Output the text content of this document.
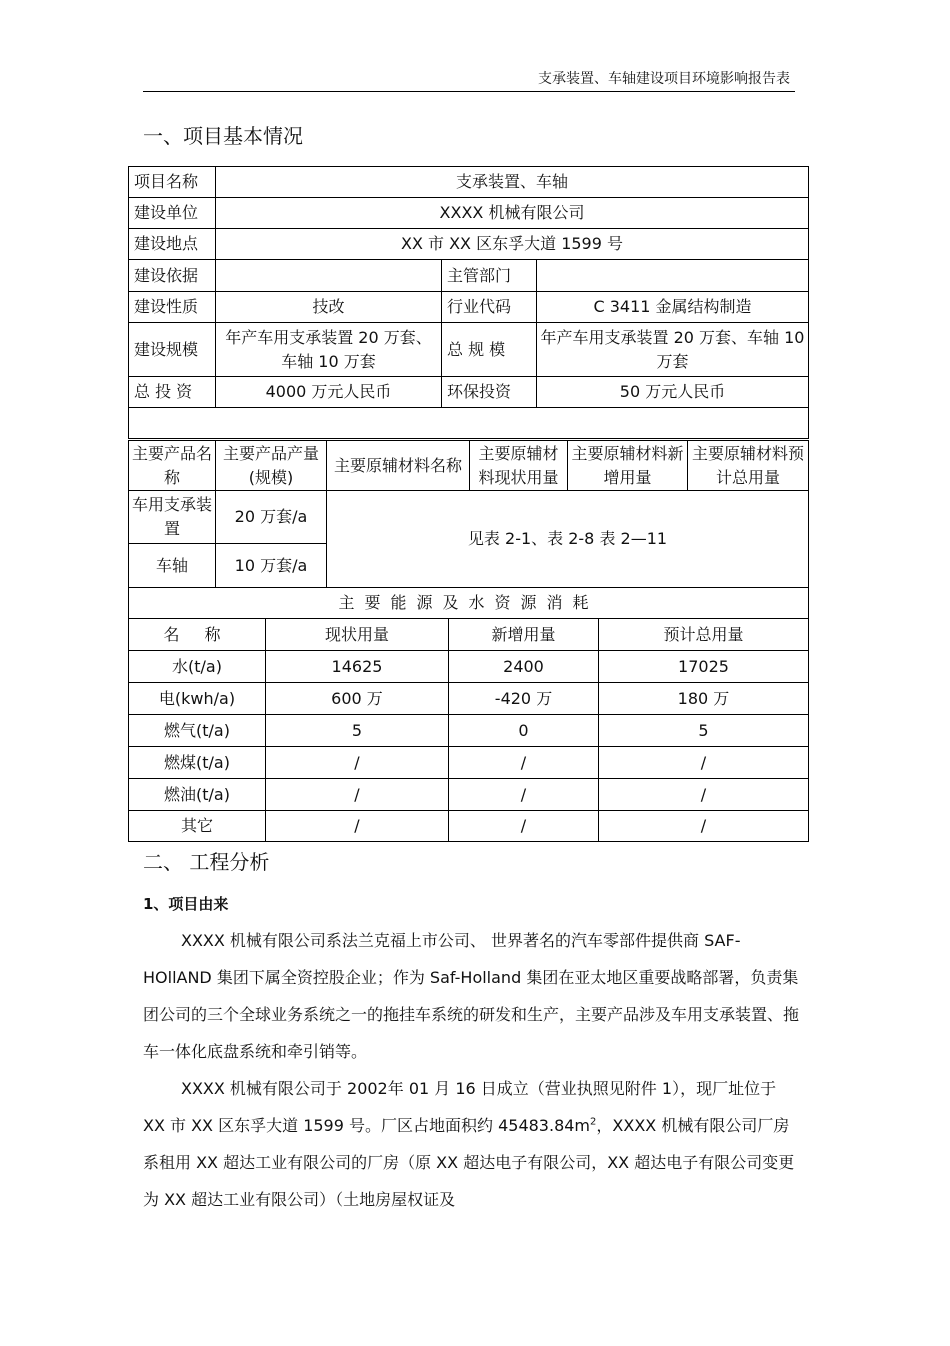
支承装置、车轴建设项目环境影响报告表
一、项目基本情况
项目名称	支承装置、车轴		
建设单位	XXXX 机械有限公司		
建设地点	XX 市 XX 区东孚大道 1599 号		
建设依据		主管部门	
建设性质	技改	行业代码	C 3411 金属结构制造
建设规模	年产车用支承装置 20 万套、车轴 10 万套	总 规 模	年产车用支承装置 20 万套、车轴 10 万套
总 投 资	4000 万元人民币	环保投资	50 万元人民币

主要产品名称	主要产品产量(规模)	主要原辅材料名称	主要原辅材料现状用量	主要原辅材料新增用量	主要原辅材料预计总用量
车用支承装置	20 万套/a	见表 2-1、表 2-8 表 2—11			
车轴	10 万套/a				
主要能源及水资源消耗					
名 称	现状用量	新增用量	预计总用量
水(t/a)	14625	2400	17025
电(kwh/a)	600 万	-420 万	180 万
燃气(t/a)	5	0	5
燃煤(t/a)	/	/	/
燃油(t/a)	/	/	/
其它	/	/	/
二、 工程分析
1、项目由来
XXXX 机械有限公司系法兰克福上市公司、 世界著名的汽车零部件提供商 SAF-HOllAND 集团下属全资控股企业；作为 Saf-Holland 集团在亚太地区重要战略部署，负责集团公司的三个全球业务系统之一的拖挂车系统的研发和生产，主要产品涉及车用支承装置、拖车一体化底盘系统和牵引销等。
XXXX 机械有限公司于 2002年 01 月 16 日成立（营业执照见附件 1），现厂址位于 XX 市 XX 区东孚大道 1599 号。厂区占地面积约 $45483.84m^2$，XXXX 机械有限公司厂房系租用 XX 超达工业有限公司的厂房（原 XX 超达电子有限公司，XX 超达电子有限公司变更为 XX 超达工业有限公司）（土地房屋权证及
